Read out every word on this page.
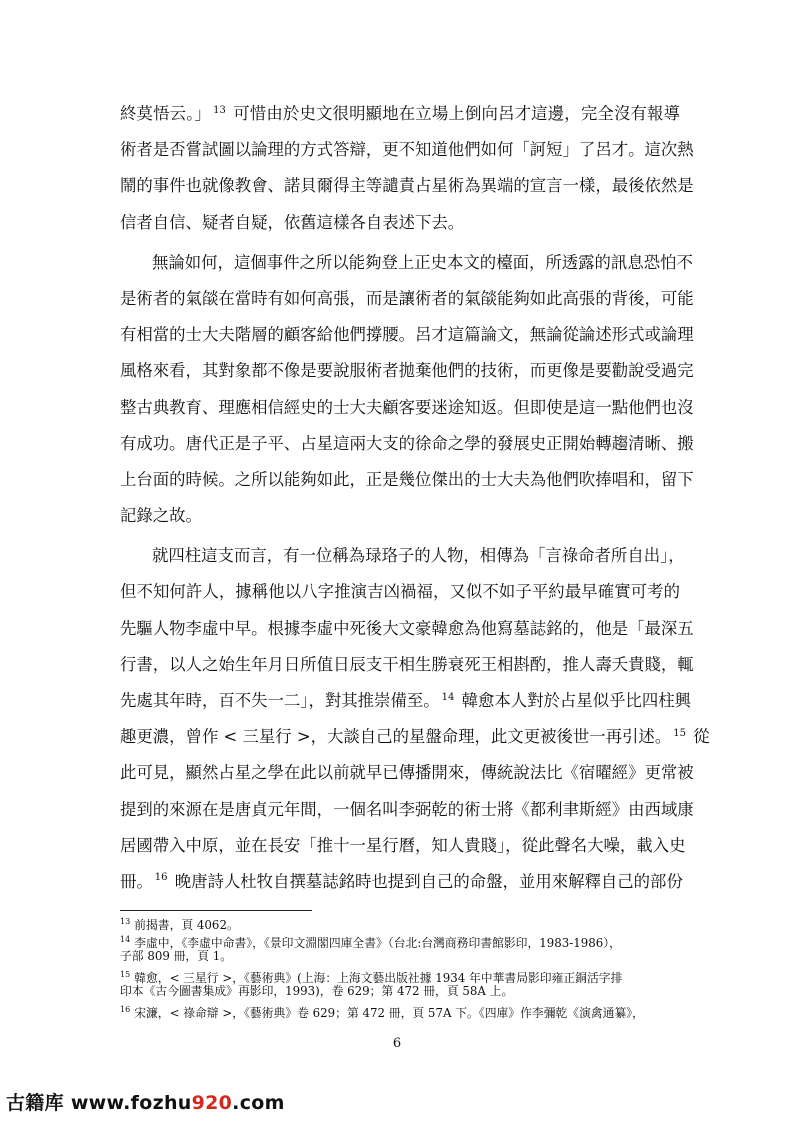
終莫悟云。」 $^{13}$ 可惜由於史文很明顯地在立場上倒向呂才這邊，完全沒有報導
術者是否嘗試圖以論理的方式答辯，更不知道他們如何「訶短」了呂才。這次熱
鬧的事件也就像教會、諾貝爾得主等譴責占星術為異端的宣言一樣，最後依然是
信者自信、疑者自疑，依舊這樣各自表述下去。
無論如何，這個事件之所以能夠登上正史本文的檯面，所透露的訊息恐怕不
是術者的氣燄在當時有如何高張，而是讓術者的氣燄能夠如此高張的背後，可能
有相當的士大夫階層的顧客給他們撐腰。呂才這篇論文，無論從論述形式或論理
風格來看，其對象都不像是要說服術者拋棄他們的技術，而更像是要勸說受過完
整古典教育、理應相信經史的士大夫顧客要迷途知返。但即使是這一點他們也沒
有成功。唐代正是子平、占星這兩大支的徐命之學的發展史正開始轉趨清晰、搬
上台面的時候。之所以能夠如此，正是幾位傑出的士大夫為他們吹捧唱和，留下
記錄之故。
就四柱這支而言，有一位稱為琭珞子的人物，相傳為「言祿命者所自出」，
但不知何許人，據稱他以八字推演吉凶禍福，又似不如子平約最早確實可考的
先驅人物李虛中早。根據李虛中死後大文豪韓愈為他寫墓誌銘的，他是「最深五
行書，以人之始生年月日所值日辰支干相生勝衰死王相斟酌，推人壽夭貴賤，輒
先處其年時，百不失一二」，對其推崇備至。 $^{14}$ 韓愈本人對於占星似乎比四柱興
趣更濃，曾作 < 三星行 >，大談自己的星盤命理，此文更被後世一再引述。 $^{15}$ 從
此可見，顯然占星之學在此以前就早已傳播開來，傳統說法比《宿曜經》更常被
提到的來源在是唐貞元年間，一個名叫李弼乾的術士將《都利聿斯經》由西域康
居國帶入中原，並在長安「推十一星行曆，知人貴賤」，從此聲名大噪，載入史
冊。 $^{16}$ 晚唐詩人杜牧自撰墓誌銘時也提到自己的命盤，並用來解釋自己的部份
$^{13}$ 前揭書，頁 4062。
$^{14}$ 李虛中，《李虛中命書》，《景印文淵閣四庫全書》（台北:台灣商務印書館影印，1983-1986），
子部 809 冊，頁 1。
$^{15}$ 韓愈，< 三星行 >，《藝術典》(上海：上海文藝出版社據 1934 年中華書局影印雍正銅活字排
印本《古今圖書集成》再影印，1993)，卷 629；第 472 冊，頁 58A 上。
$^{16}$ 宋濂，< 祿命辯 >，《藝術典》卷 629；第 472 冊，頁 57A 下。《四庫》作李彌乾《演禽通纂》，
6
古籍库 www.fozhu920.com
